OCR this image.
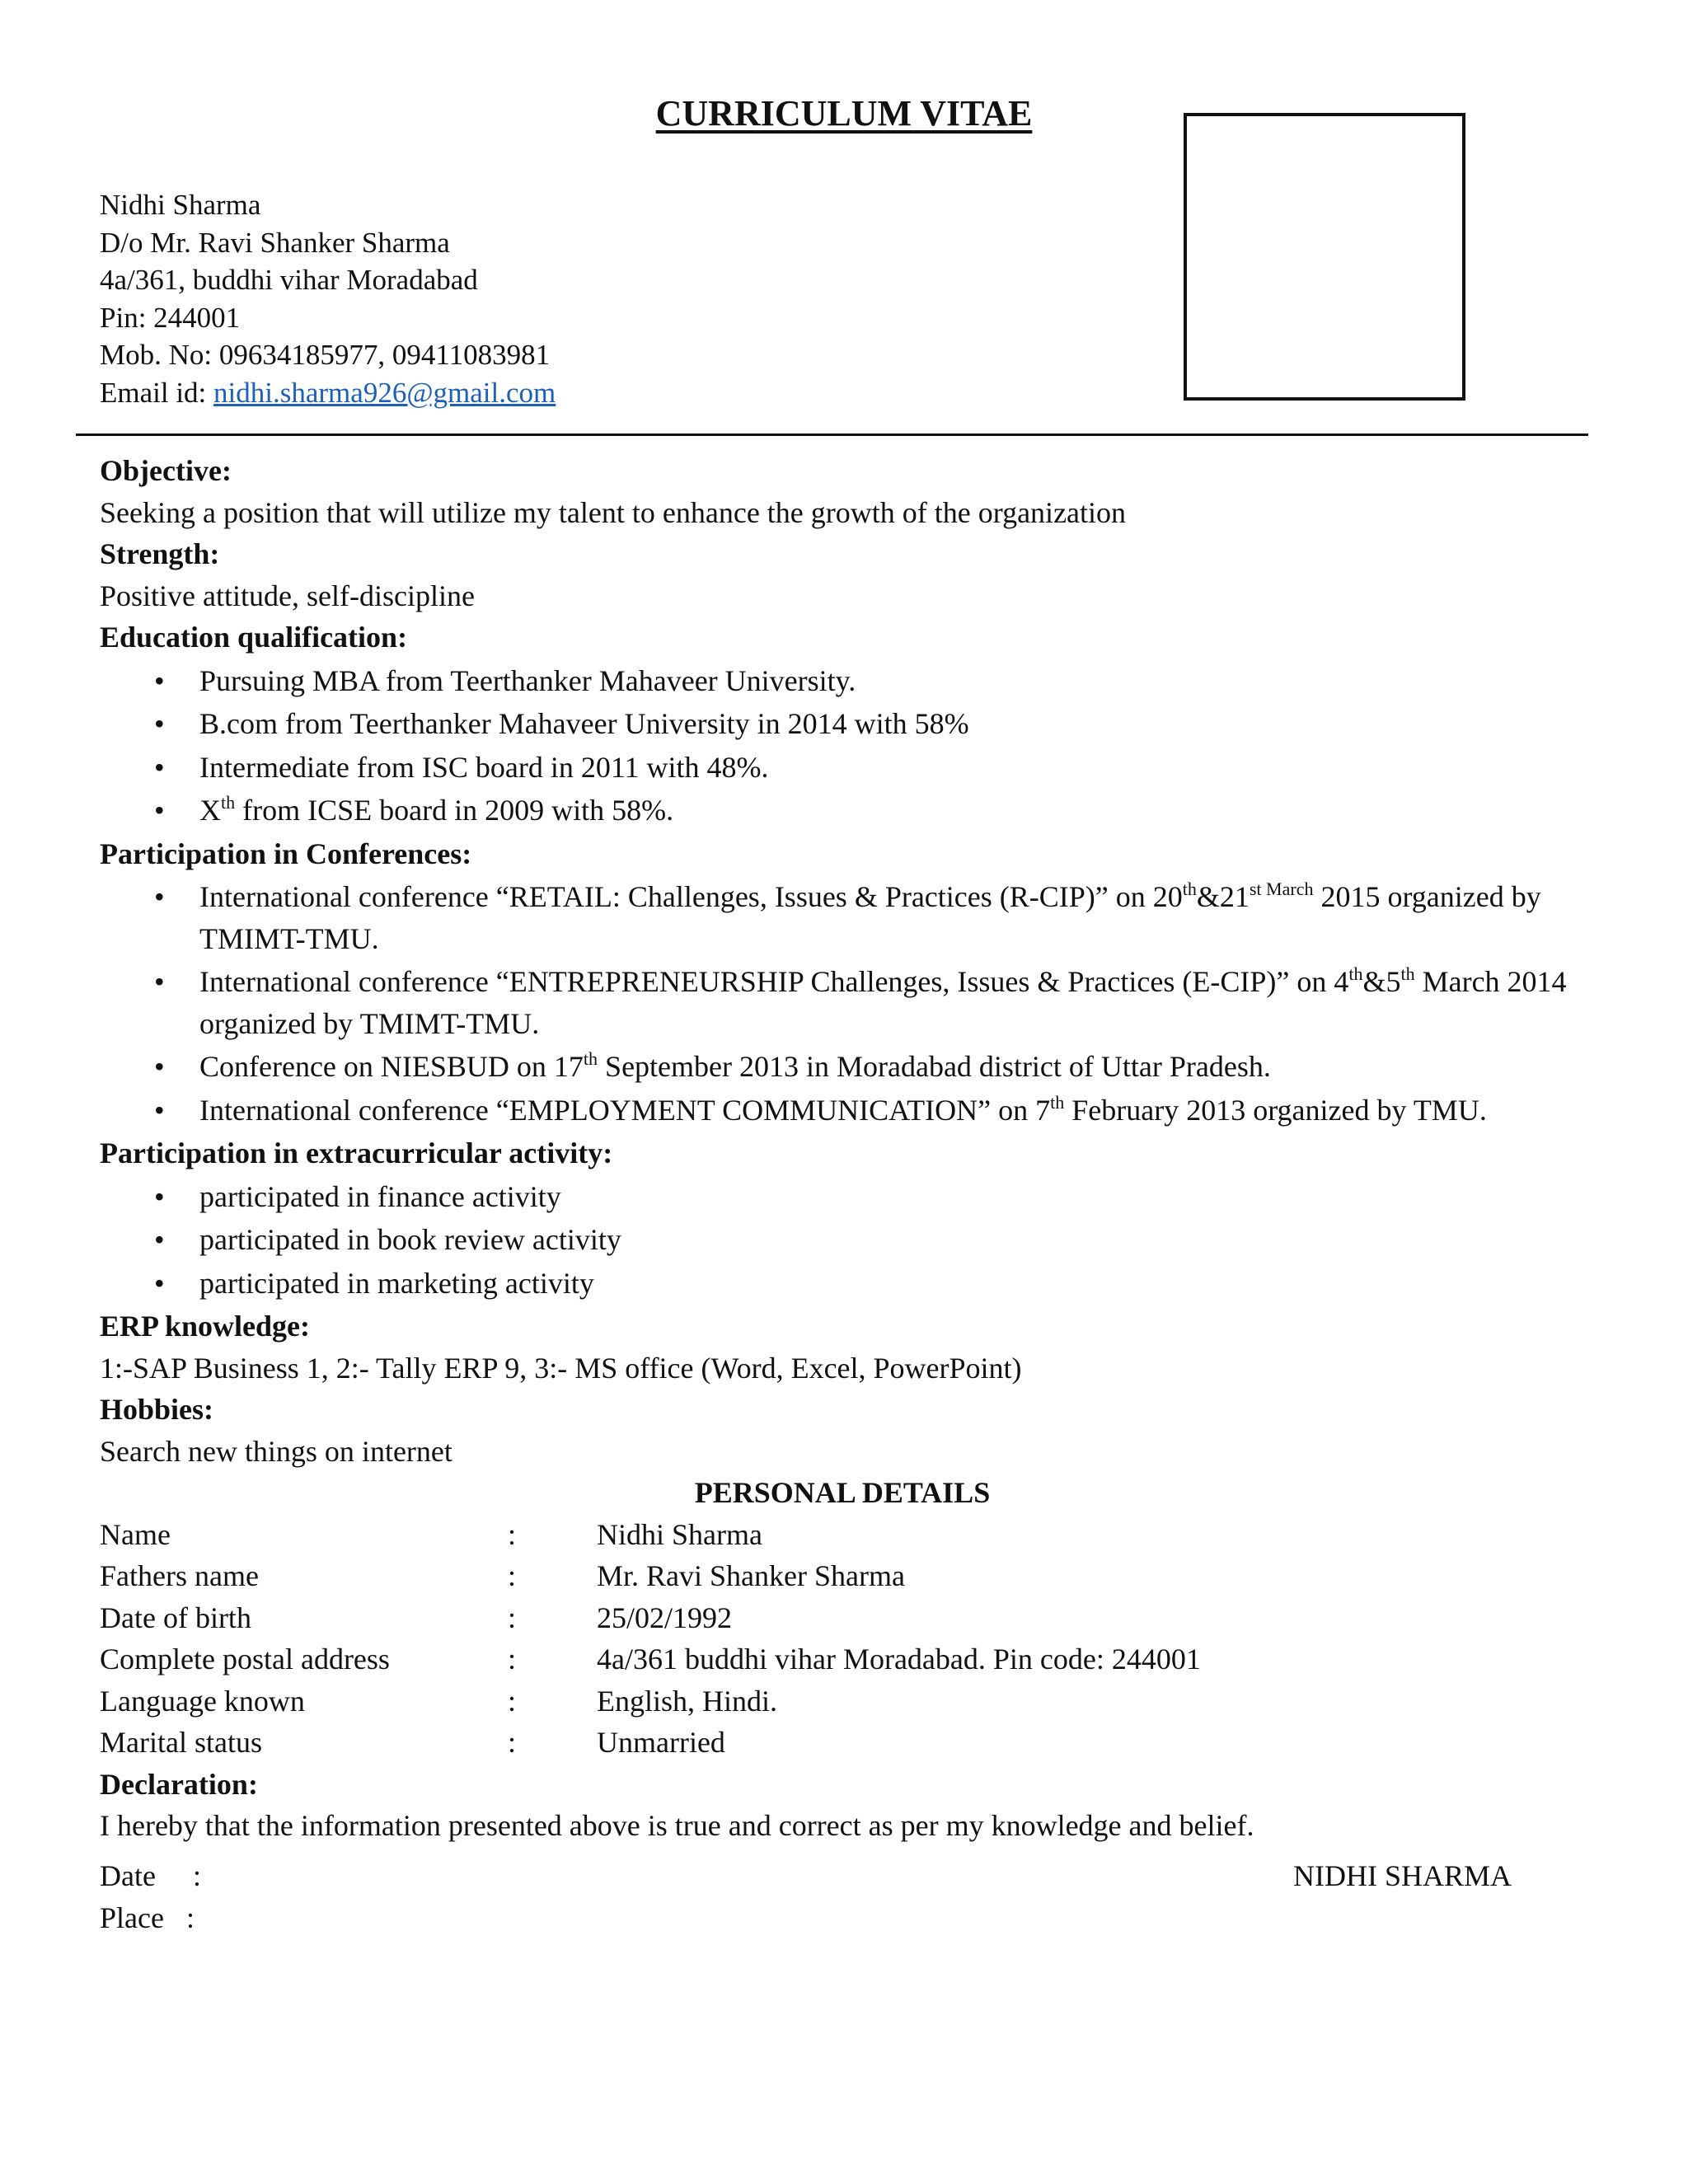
CURRICULUM VITAE
Nidhi Sharma
D/o Mr. Ravi Shanker Sharma
4a/361, buddhi vihar Moradabad
Pin: 244001
Mob. No: 09634185977, 09411083981
Email id: nidhi.sharma926@gmail.com
Objective:
Seeking a position that will utilize my talent to enhance the growth of the organization
Strength:
Positive attitude, self-discipline
Education qualification:
• Pursuing MBA from Teerthanker Mahaveer University.
• B.com from Teerthanker Mahaveer University in 2014 with 58%
• Intermediate from ISC board in 2011 with 48%.
• Xth from ICSE board in 2009 with 58%.
Participation in Conferences:
• International conference “RETAIL: Challenges, Issues & Practices (R-CIP)” on $20th\&21^{st March}$ 2015 organized by TMIMT-TMU.
• International conference “ENTREPRENEURSHIP Challenges, Issues & Practices (E-CIP)” on 4th&5th March 2014 organized by TMIMT-TMU.
• Conference on NIESBUD on 17th September 2013 in Moradabad district of Uttar Pradesh.
• International conference “EMPLOYMENT COMMUNICATION” on 7th February 2013 organized by TMU.
Participation in extracurricular activity:
• participated in finance activity
• participated in book review activity
• participated in marketing activity
ERP knowledge:
1:-SAP Business 1, 2:- Tally ERP 9, 3:- MS office (Word, Excel, PowerPoint)
Hobbies:
Search new things on internet
PERSONAL DETAILS
Name	:	Nidhi Sharma
Fathers name	:	Mr. Ravi Shanker Sharma
Date of birth	:	25/02/1992
Complete postal address	:	4a/361 buddhi vihar Moradabad. Pin code: 244001
Language known	:	English, Hindi.
Marital status	:	Unmarried
Declaration:
I hereby that the information presented above is true and correct as per my knowledge and belief.
Date     :
Place   :
NIDHI SHARMA
